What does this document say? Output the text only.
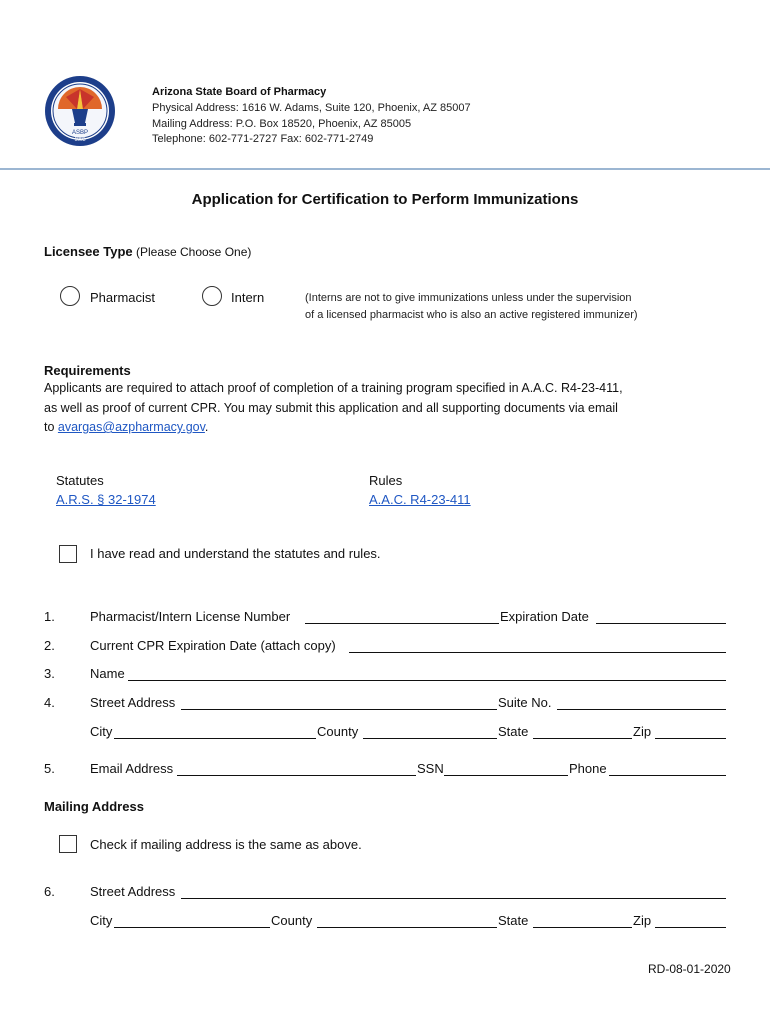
ASBP
1903
Arizona State Board of Pharmacy
Physical Address: 1616 W. Adams, Suite 120, Phoenix, AZ 85007
Mailing Address: P.O. Box 18520, Phoenix, AZ 85005
Telephone: 602-771-2727 Fax: 602-771-2749
Application for Certification to Perform Immunizations
Licensee Type (Please Choose One)
Pharmacist	Intern	(Interns are not to give immunizations unless under the supervision
of a licensed pharmacist who is also an active registered immunizer)
Requirements
Applicants are required to attach proof of completion of a training program specified in A.A.C. R4-23-411,
as well as proof of current CPR. You may submit this application and all supporting documents via email
to avargas@azpharmacy.gov.
Statutes
A.R.S. § 32-1974
Rules
A.A.C. R4-23-411
I have read and understand the statutes and rules.
1.	Pharmacist/Intern License Number	Expiration Date
2.	Current CPR Expiration Date (attach copy)
3.	Name
4.	Street Address	Suite No.
City	County	State	Zip
5.	Email Address	SSN	Phone
Mailing Address
Check if mailing address is the same as above.
6.	Street Address
City	County	State	Zip
RD-08-01-2020
